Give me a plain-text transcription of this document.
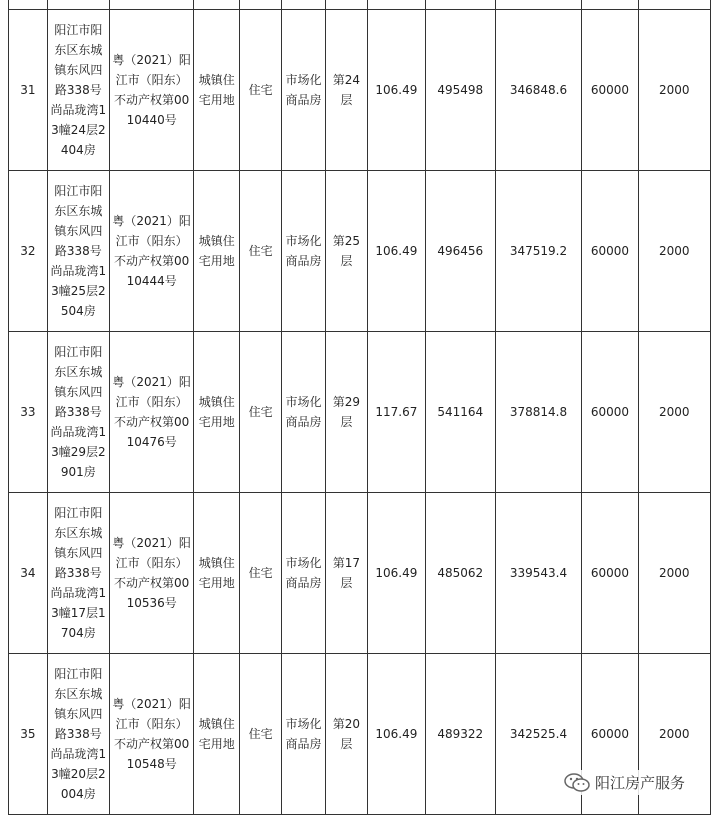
31	阳江市阳东区东城镇东风四路338号尚品珑湾13幢24层2404房	粤（2021）阳江市（阳东）不动产权第0010440号	城镇住宅用地	住宅	市场化商品房	第24层	106.49	495498	346848.6	60000	2000
32	阳江市阳东区东城镇东风四路338号尚品珑湾13幢25层2504房	粤（2021）阳江市（阳东）不动产权第0010444号	城镇住宅用地	住宅	市场化商品房	第25层	106.49	496456	347519.2	60000	2000
33	阳江市阳东区东城镇东风四路338号尚品珑湾13幢29层2901房	粤（2021）阳江市（阳东）不动产权第0010476号	城镇住宅用地	住宅	市场化商品房	第29层	117.67	541164	378814.8	60000	2000
34	阳江市阳东区东城镇东风四路338号尚品珑湾13幢17层1704房	粤（2021）阳江市（阳东）不动产权第0010536号	城镇住宅用地	住宅	市场化商品房	第17层	106.49	485062	339543.4	60000	2000
35	阳江市阳东区东城镇东风四路338号尚品珑湾13幢20层2004房	粤（2021）阳江市（阳东）不动产权第0010548号	城镇住宅用地	住宅	市场化商品房	第20层	106.49	489322	342525.4	60000	2000
阳江房产服务
